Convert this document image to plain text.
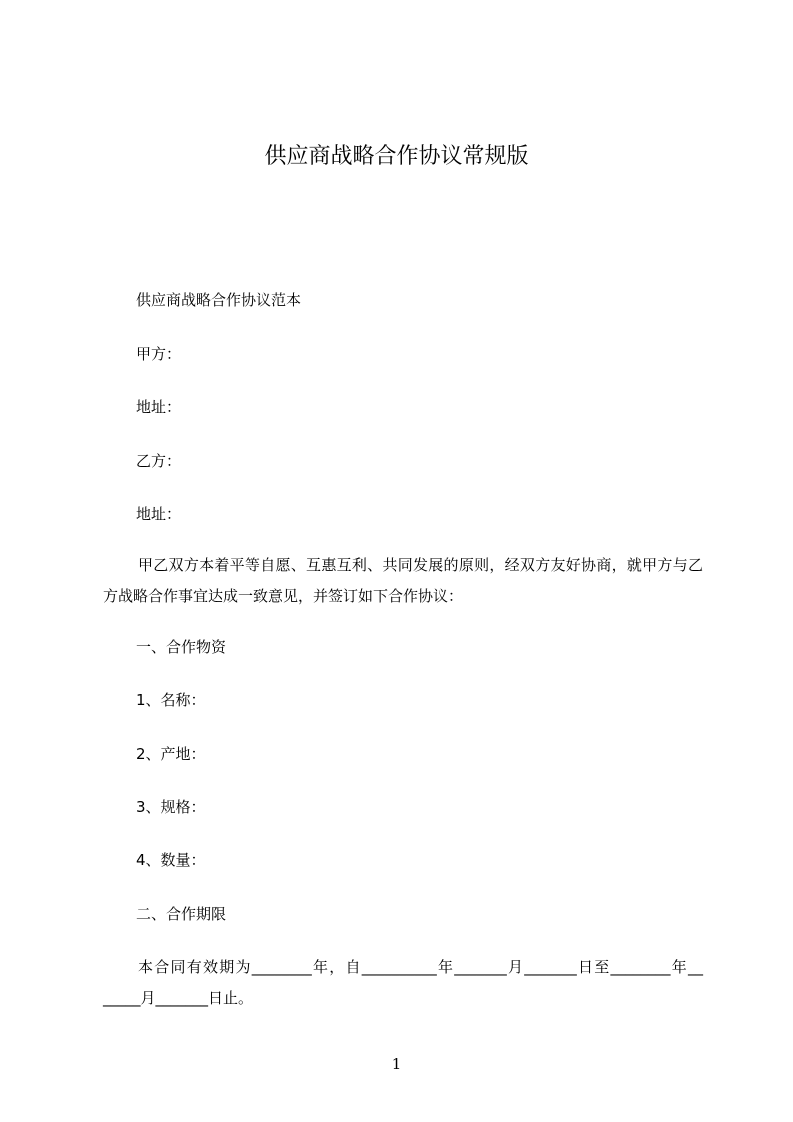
供应商战略合作协议常规版
供应商战略合作协议范本
甲方：
地址：
乙方：
地址：
甲乙双方本着平等自愿、互惠互利、共同发展的原则，经双方友好协商，就甲方与乙方战略合作事宜达成一致意见，并签订如下合作协议：
一、合作物资
1、名称：
2、产地：
3、规格：
4、数量：
二、合作期限
本合同有效期为________年，自__________年_______月_______日至________年__ _____月_______日止。
1
